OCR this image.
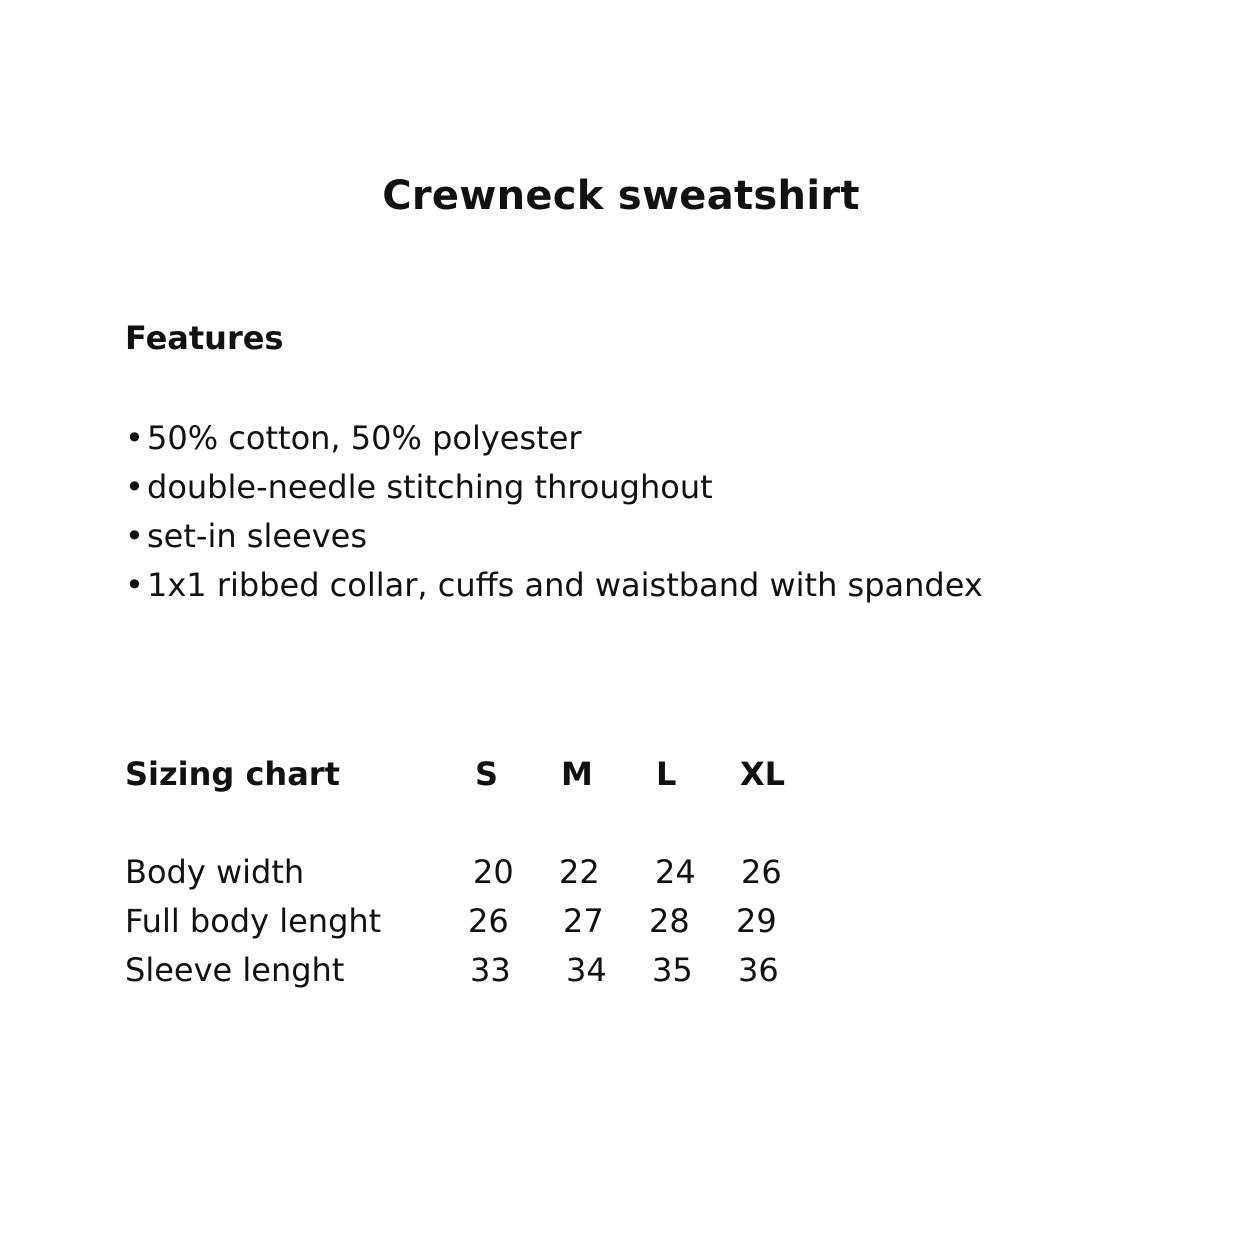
Crewneck sweatshirt
Features
•50% cotton, 50% polyester
•double-needle stitching throughout
•set-in sleeves
•1x1 ribbed collar, cuffs and waistband with spandex
Sizing chart	S M L XL
Body width	20 22 24 26
Full body lenght	26 27 28 29
Sleeve lenght	33 34 35 36
